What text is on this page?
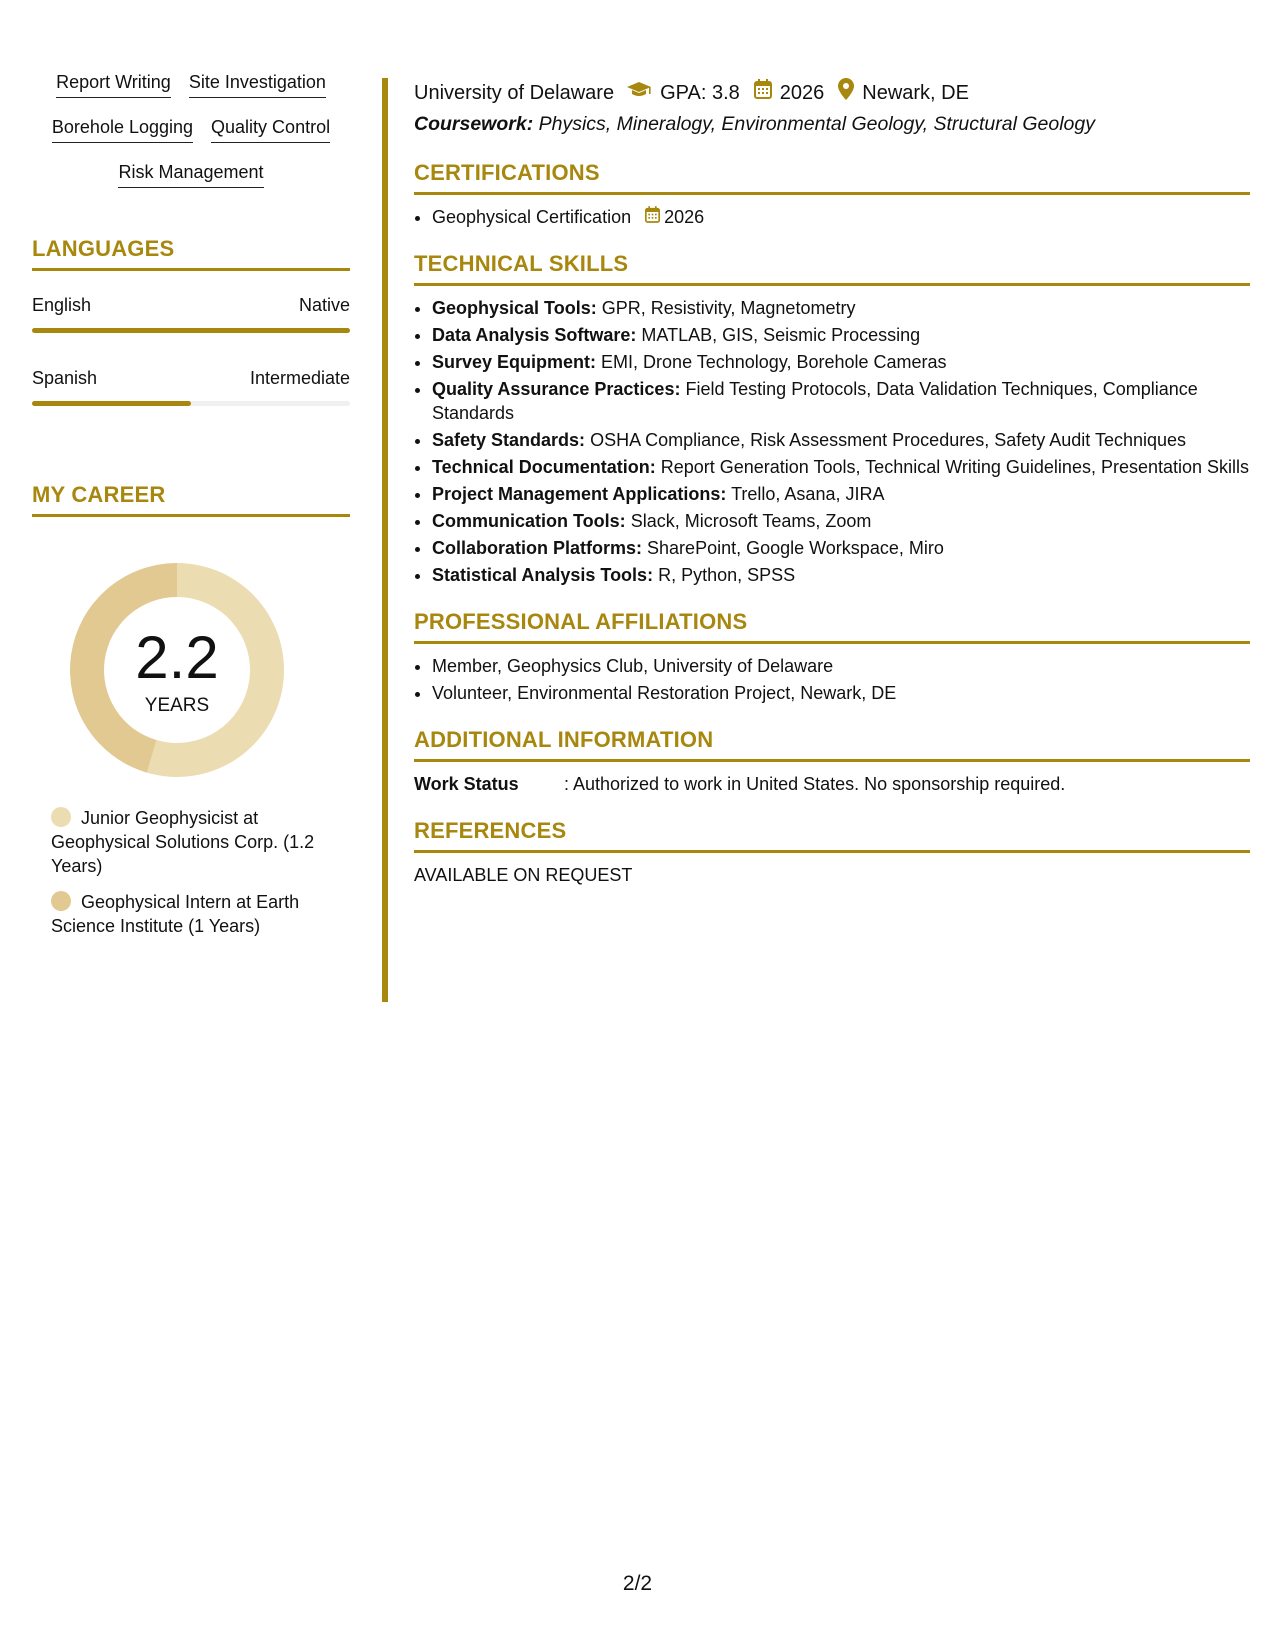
Report Writing Site Investigation
Borehole Logging Quality Control
Risk Management
LANGUAGES
English	Native
Spanish	Intermediate
MY CAREER
2.2
YEARS
Junior Geophysicist at Geophysical Solutions Corp. (1.2 Years)
Geophysical Intern at Earth Science Institute (1 Years)
University of Delaware GPA: 3.8 2026 Newark, DE
Coursework: Physics, Mineralogy, Environmental Geology, Structural Geology
CERTIFICATIONS
• Geophysical Certification 2026
TECHNICAL SKILLS
• Geophysical Tools: GPR, Resistivity, Magnetometry
• Data Analysis Software: MATLAB, GIS, Seismic Processing
• Survey Equipment: EMI, Drone Technology, Borehole Cameras
• Quality Assurance Practices: Field Testing Protocols, Data Validation Techniques, Compliance Standards
• Safety Standards: OSHA Compliance, Risk Assessment Procedures, Safety Audit Techniques
• Technical Documentation: Report Generation Tools, Technical Writing Guidelines, Presentation Skills
• Project Management Applications: Trello, Asana, JIRA
• Communication Tools: Slack, Microsoft Teams, Zoom
• Collaboration Platforms: SharePoint, Google Workspace, Miro
• Statistical Analysis Tools: R, Python, SPSS
PROFESSIONAL AFFILIATIONS
• Member, Geophysics Club, University of Delaware
• Volunteer, Environmental Restoration Project, Newark, DE
ADDITIONAL INFORMATION
Work Status	: Authorized to work in United States. No sponsorship required.
REFERENCES
AVAILABLE ON REQUEST
2/2
